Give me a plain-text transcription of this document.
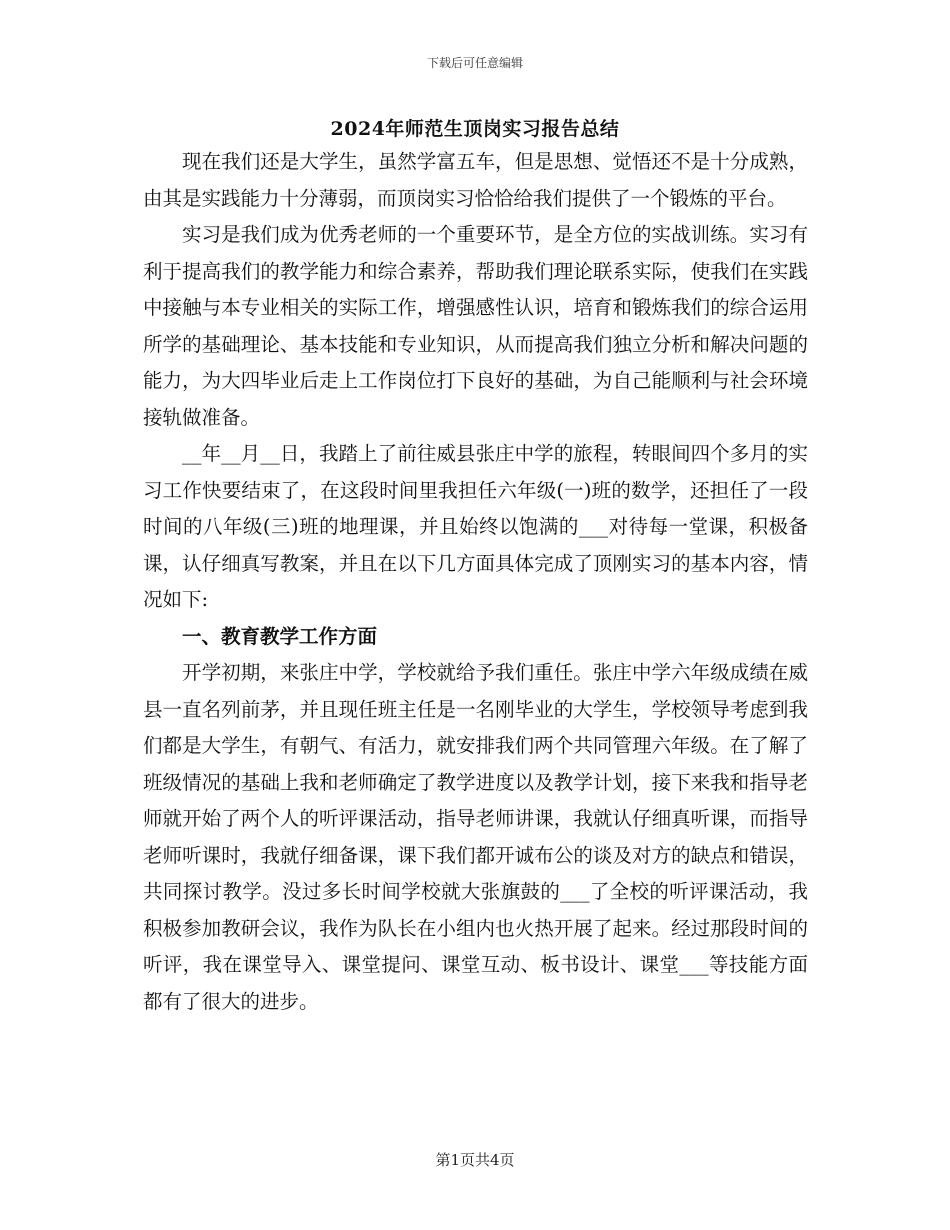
下载后可任意编辑
2024年师范生顶岗实习报告总结

现在我们还是大学生，虽然学富五车，但是思想、觉悟还不是十分成熟，由其是实践能力十分薄弱，而顶岗实习恰恰给我们提供了一个锻炼的平台。

实习是我们成为优秀老师的一个重要环节，是全方位的实战训练。实习有利于提高我们的教学能力和综合素养，帮助我们理论联系实际，使我们在实践中接触与本专业相关的实际工作，增强感性认识，培育和锻炼我们的综合运用所学的基础理论、基本技能和专业知识，从而提高我们独立分析和解决问题的能力，为大四毕业后走上工作岗位打下良好的基础，为自己能顺利与社会环境接轨做准备。

__年__月__日，我踏上了前往威县张庄中学的旅程，转眼间四个多月的实习工作快要结束了，在这段时间里我担任六年级(一)班的数学，还担任了一段时间的八年级(三)班的地理课，并且始终以饱满的___对待每一堂课，积极备课，认仔细真写教案，并且在以下几方面具体完成了顶刚实习的基本内容，情况如下:

一、教育教学工作方面

开学初期，来张庄中学，学校就给予我们重任。张庄中学六年级成绩在威县一直名列前茅，并且现任班主任是一名刚毕业的大学生，学校领导考虑到我们都是大学生，有朝气、有活力，就安排我们两个共同管理六年级。在了解了班级情况的基础上我和老师确定了教学进度以及教学计划，接下来我和指导老师就开始了两个人的听评课活动，指导老师讲课，我就认仔细真听课，而指导老师听课时，我就仔细备课，课下我们都开诚布公的谈及对方的缺点和错误，共同探讨教学。没过多长时间学校就大张旗鼓的___了全校的听评课活动，我积极参加教研会议，我作为队长在小组内也火热开展了起来。经过那段时间的听评，我在课堂导入、课堂提问、课堂互动、板书设计、课堂___等技能方面都有了很大的进步。

第1页共4页
